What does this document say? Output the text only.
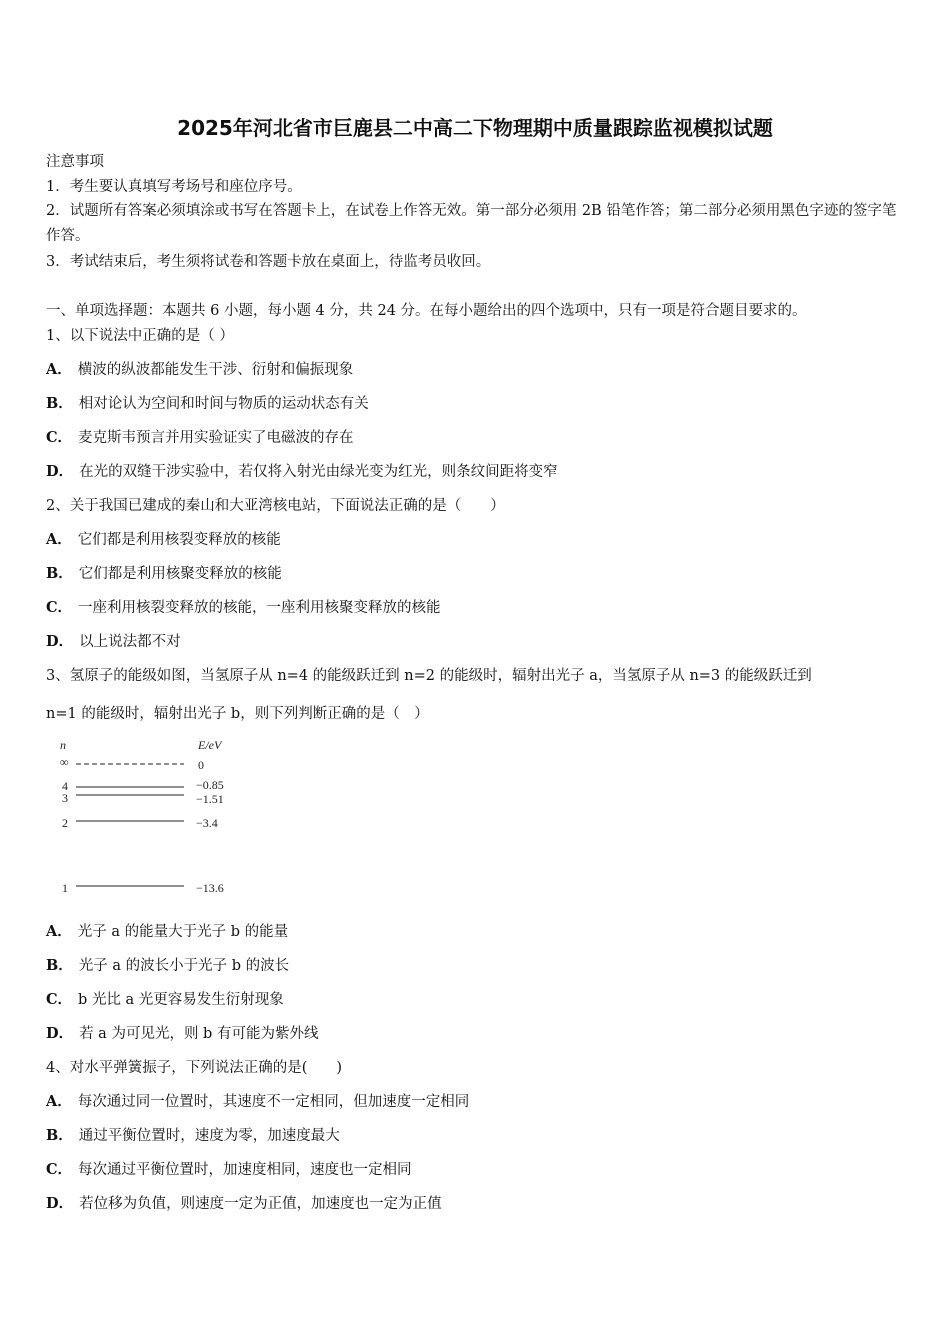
2025年河北省市巨鹿县二中高二下物理期中质量跟踪监视模拟试题
注意事项
1．考生要认真填写考场号和座位序号。
2．试题所有答案必须填涂或书写在答题卡上，在试卷上作答无效。第一部分必须用 2B 铅笔作答；第二部分必须用黑色字迹的签字笔作答。
3．考试结束后，考生须将试卷和答题卡放在桌面上，待监考员收回。
一、单项选择题：本题共 6 小题，每小题 4 分，共 24 分。在每小题给出的四个选项中，只有一项是符合题目要求的。
1、以下说法中正确的是（ ）
A． 横波的纵波都能发生干涉、衍射和偏振现象
B． 相对论认为空间和时间与物质的运动状态有关
C． 麦克斯韦预言并用实验证实了电磁波的存在
D． 在光的双缝干涉实验中，若仅将入射光由绿光变为红光，则条纹间距将变窄
2、关于我国已建成的秦山和大亚湾核电站，下面说法正确的是（　　）
A． 它们都是利用核裂变释放的核能
B． 它们都是利用核聚变释放的核能
C． 一座利用核裂变释放的核能，一座利用核聚变释放的核能
D． 以上说法都不对
3、氢原子的能级如图，当氢原子从 n=4 的能级跃迁到 n=2 的能级时，辐射出光子 a，当氢原子从 n=3 的能级跃迁到
n=1 的能级时，辐射出光子 b，则下列判断正确的是（　）
n	E/eV
∞	0
4	−0.85
3	−1.51
2	−3.4
1	−13.6
A． 光子 a 的能量大于光子 b 的能量
B． 光子 a 的波长小于光子 b 的波长
C． b 光比 a 光更容易发生衍射现象
D． 若 a 为可见光，则 b 有可能为紫外线
4、对水平弹簧振子，下列说法正确的是(　　)
A． 每次通过同一位置时，其速度不一定相同，但加速度一定相同
B． 通过平衡位置时，速度为零，加速度最大
C． 每次通过平衡位置时，加速度相同，速度也一定相同
D． 若位移为负值，则速度一定为正值，加速度也一定为正值
